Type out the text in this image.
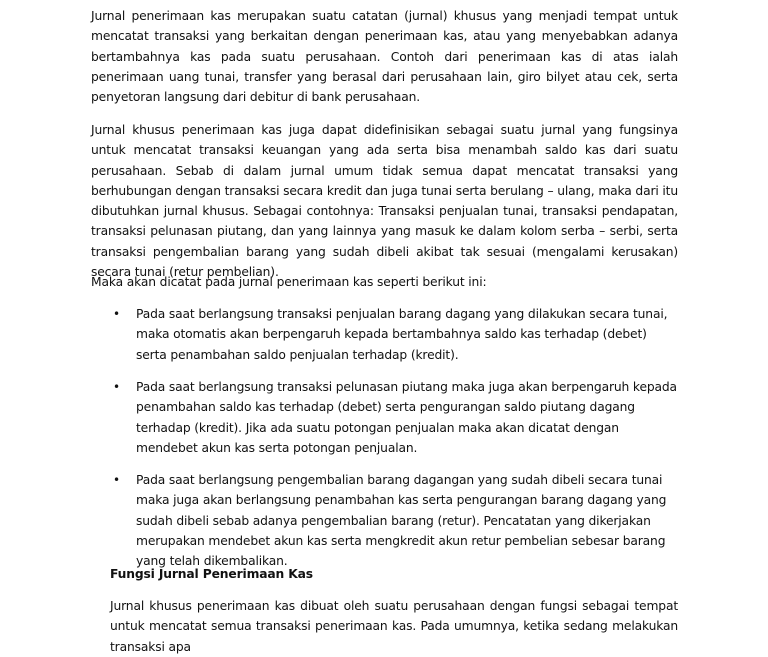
Jurnal penerimaan kas merupakan suatu catatan (jurnal) khusus yang menjadi tempat untuk mencatat transaksi yang berkaitan dengan penerimaan kas, atau yang menyebabkan adanya bertambahnya kas pada suatu perusahaan. Contoh dari penerimaan kas di atas ialah penerimaan uang tunai, transfer yang berasal dari perusahaan lain, giro bilyet atau cek, serta penyetoran langsung dari debitur di bank perusahaan.
Jurnal khusus penerimaan kas juga dapat didefinisikan sebagai suatu jurnal yang fungsinya untuk mencatat transaksi keuangan yang ada serta bisa menambah saldo kas dari suatu perusahaan. Sebab di dalam jurnal umum tidak semua dapat mencatat transaksi yang berhubungan dengan transaksi secara kredit dan juga tunai serta berulang – ulang, maka dari itu dibutuhkan jurnal khusus. Sebagai contohnya: Transaksi penjualan tunai, transaksi pendapatan, transaksi pelunasan piutang, dan yang lainnya yang masuk ke dalam kolom serba – serbi, serta transaksi pengembalian barang yang sudah dibeli akibat tak sesuai (mengalami kerusakan) secara tunai (retur pembelian).
Maka akan dicatat pada jurnal penerimaan kas seperti berikut ini:
• Pada saat berlangsung transaksi penjualan barang dagang yang dilakukan secara tunai, maka otomatis akan berpengaruh kepada bertambahnya saldo kas terhadap (debet) serta penambahan saldo penjualan terhadap (kredit).
• Pada saat berlangsung transaksi pelunasan piutang maka juga akan berpengaruh kepada penambahan saldo kas terhadap (debet) serta pengurangan saldo piutang dagang terhadap (kredit). Jika ada suatu potongan penjualan maka akan dicatat dengan mendebet akun kas serta potongan penjualan.
• Pada saat berlangsung pengembalian barang dagangan yang sudah dibeli secara tunai maka juga akan berlangsung penambahan kas serta pengurangan barang dagang yang sudah dibeli sebab adanya pengembalian barang (retur). Pencatatan yang dikerjakan merupakan mendebet akun kas serta mengkredit akun retur pembelian sebesar barang yang telah dikembalikan.
Fungsi Jurnal Penerimaan Kas
Jurnal khusus penerimaan kas dibuat oleh suatu perusahaan dengan fungsi sebagai tempat untuk mencatat semua transaksi penerimaan kas. Pada umumnya, ketika sedang melakukan transaksi apa
